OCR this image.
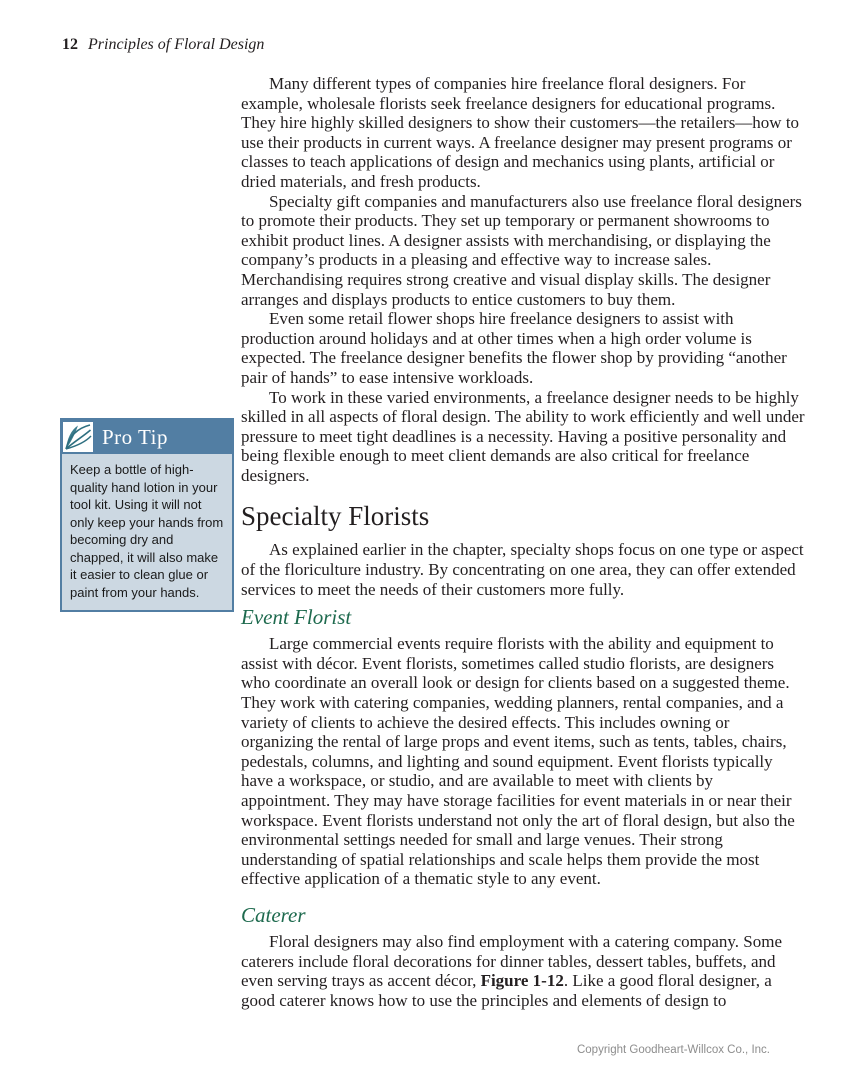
12 Principles of Floral Design
Pro Tip
Keep a bottle of high-quality hand lotion in your tool kit. Using it will not only keep your hands from becoming dry and chapped, it will also make it easier to clean glue or paint from your hands.

Many different types of companies hire freelance floral designers. For example, wholesale florists seek freelance designers for educational programs. They hire highly skilled designers to show their customers—the retailers—how to use their products in current ways. A freelance designer may present programs or classes to teach applications of design and mechanics using plants, artificial or dried materials, and fresh products.

Specialty gift companies and manufacturers also use freelance floral designers to promote their products. They set up temporary or permanent showrooms to exhibit product lines. A designer assists with merchandising, or displaying the company’s products in a pleasing and effective way to increase sales. Merchandising requires strong creative and visual display skills. The designer arranges and displays products to entice customers to buy them.

Even some retail flower shops hire freelance designers to assist with production around holidays and at other times when a high order volume is expected. The freelance designer benefits the flower shop by providing “another pair of hands” to ease intensive workloads.

To work in these varied environments, a freelance designer needs to be highly skilled in all aspects of floral design. The ability to work efficiently and well under pressure to meet tight deadlines is a necessity. Having a positive personality and being flexible enough to meet client demands are also critical for freelance designers.

Specialty Florists

As explained earlier in the chapter, specialty shops focus on one type or aspect of the floriculture industry. By concentrating on one area, they can offer extended services to meet the needs of their customers more fully.

Event Florist

Large commercial events require florists with the ability and equipment to assist with décor. Event florists, sometimes called studio florists, are designers who coordinate an overall look or design for clients based on a suggested theme. They work with catering companies, wedding planners, rental companies, and a variety of clients to achieve the desired effects. This includes owning or organizing the rental of large props and event items, such as tents, tables, chairs, pedestals, columns, and lighting and sound equipment. Event florists typically have a workspace, or studio, and are available to meet with clients by appointment. They may have storage facilities for event materials in or near their workspace. Event florists understand not only the art of floral design, but also the environmental settings needed for small and large venues. Their strong understanding of spatial relationships and scale helps them provide the most effective application of a thematic style to any event.

Caterer

Floral designers may also find employment with a catering company. Some caterers include floral decorations for dinner tables, dessert tables, buffets, and even serving trays as accent décor, Figure 1-12. Like a good floral designer, a good caterer knows how to use the principles and elements of design to

Copyright Goodheart-Willcox Co., Inc.
